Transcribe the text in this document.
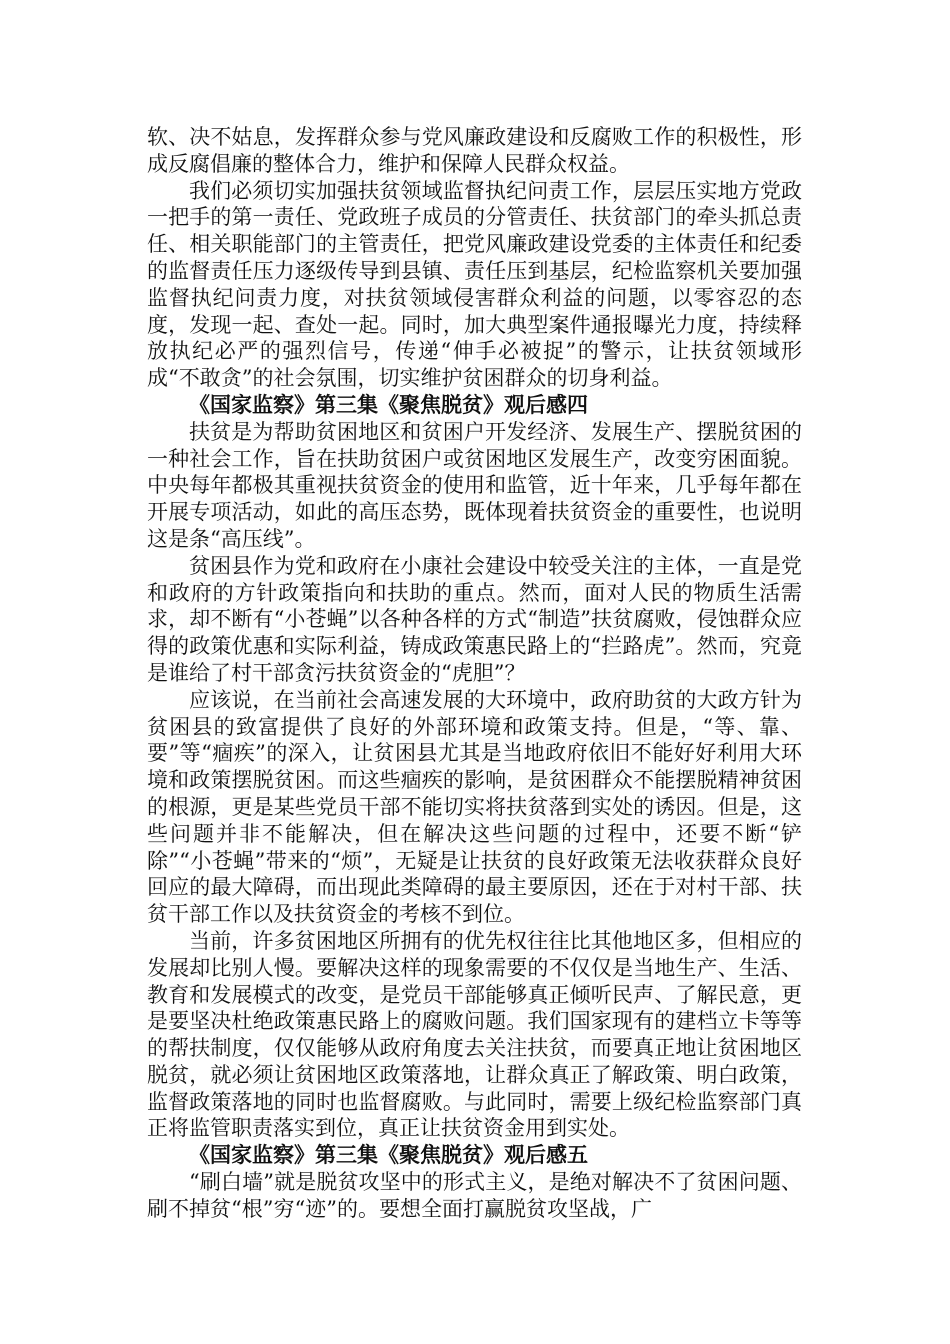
软、决不姑息，发挥群众参与党风廉政建设和反腐败工作的积极性，形成反腐倡廉的整体合力，维护和保障人民群众权益。

我们必须切实加强扶贫领域监督执纪问责工作，层层压实地方党政一把手的第一责任、党政班子成员的分管责任、扶贫部门的牵头抓总责任、相关职能部门的主管责任，把党风廉政建设党委的主体责任和纪委的监督责任压力逐级传导到县镇、责任压到基层，纪检监察机关要加强监督执纪问责力度，对扶贫领域侵害群众利益的问题，以零容忍的态度，发现一起、查处一起。同时，加大典型案件通报曝光力度，持续释放执纪必严的强烈信号，传递“伸手必被捉”的警示，让扶贫领域形成“不敢贪”的社会氛围，切实维护贫困群众的切身利益。

《国家监察》第三集《聚焦脱贫》观后感四

扶贫是为帮助贫困地区和贫困户开发经济、发展生产、摆脱贫困的一种社会工作，旨在扶助贫困户或贫困地区发展生产，改变穷困面貌。中央每年都极其重视扶贫资金的使用和监管，近十年来，几乎每年都在开展专项活动，如此的高压态势，既体现着扶贫资金的重要性，也说明这是条“高压线”。

贫困县作为党和政府在小康社会建设中较受关注的主体，一直是党和政府的方针政策指向和扶助的重点。然而，面对人民的物质生活需求，却不断有“小苍蝇”以各种各样的方式“制造”扶贫腐败，侵蚀群众应得的政策优惠和实际利益，铸成政策惠民路上的“拦路虎”。然而，究竟是谁给了村干部贪污扶贫资金的“虎胆”？

应该说，在当前社会高速发展的大环境中，政府助贫的大政方针为贫困县的致富提供了良好的外部环境和政策支持。但是，“等、靠、要”等“痼疾”的深入，让贫困县尤其是当地政府依旧不能好好利用大环境和政策摆脱贫困。而这些痼疾的影响，是贫困群众不能摆脱精神贫困的根源，更是某些党员干部不能切实将扶贫落到实处的诱因。但是，这些问题并非不能解决，但在解决这些问题的过程中，还要不断“铲除”“小苍蝇”带来的“烦”，无疑是让扶贫的良好政策无法收获群众良好回应的最大障碍，而出现此类障碍的最主要原因，还在于对村干部、扶贫干部工作以及扶贫资金的考核不到位。

当前，许多贫困地区所拥有的优先权往往比其他地区多，但相应的发展却比别人慢。要解决这样的现象需要的不仅仅是当地生产、生活、教育和发展模式的改变，是党员干部能够真正倾听民声、了解民意，更是要坚决杜绝政策惠民路上的腐败问题。我们国家现有的建档立卡等等的帮扶制度，仅仅能够从政府角度去关注扶贫，而要真正地让贫困地区脱贫，就必须让贫困地区政策落地，让群众真正了解政策、明白政策，监督政策落地的同时也监督腐败。与此同时，需要上级纪检监察部门真正将监管职责落实到位，真正让扶贫资金用到实处。

《国家监察》第三集《聚焦脱贫》观后感五

“刷白墙”就是脱贫攻坚中的形式主义，是绝对解决不了贫困问题、刷不掉贫“根”穷“迹”的。要想全面打赢脱贫攻坚战，广
